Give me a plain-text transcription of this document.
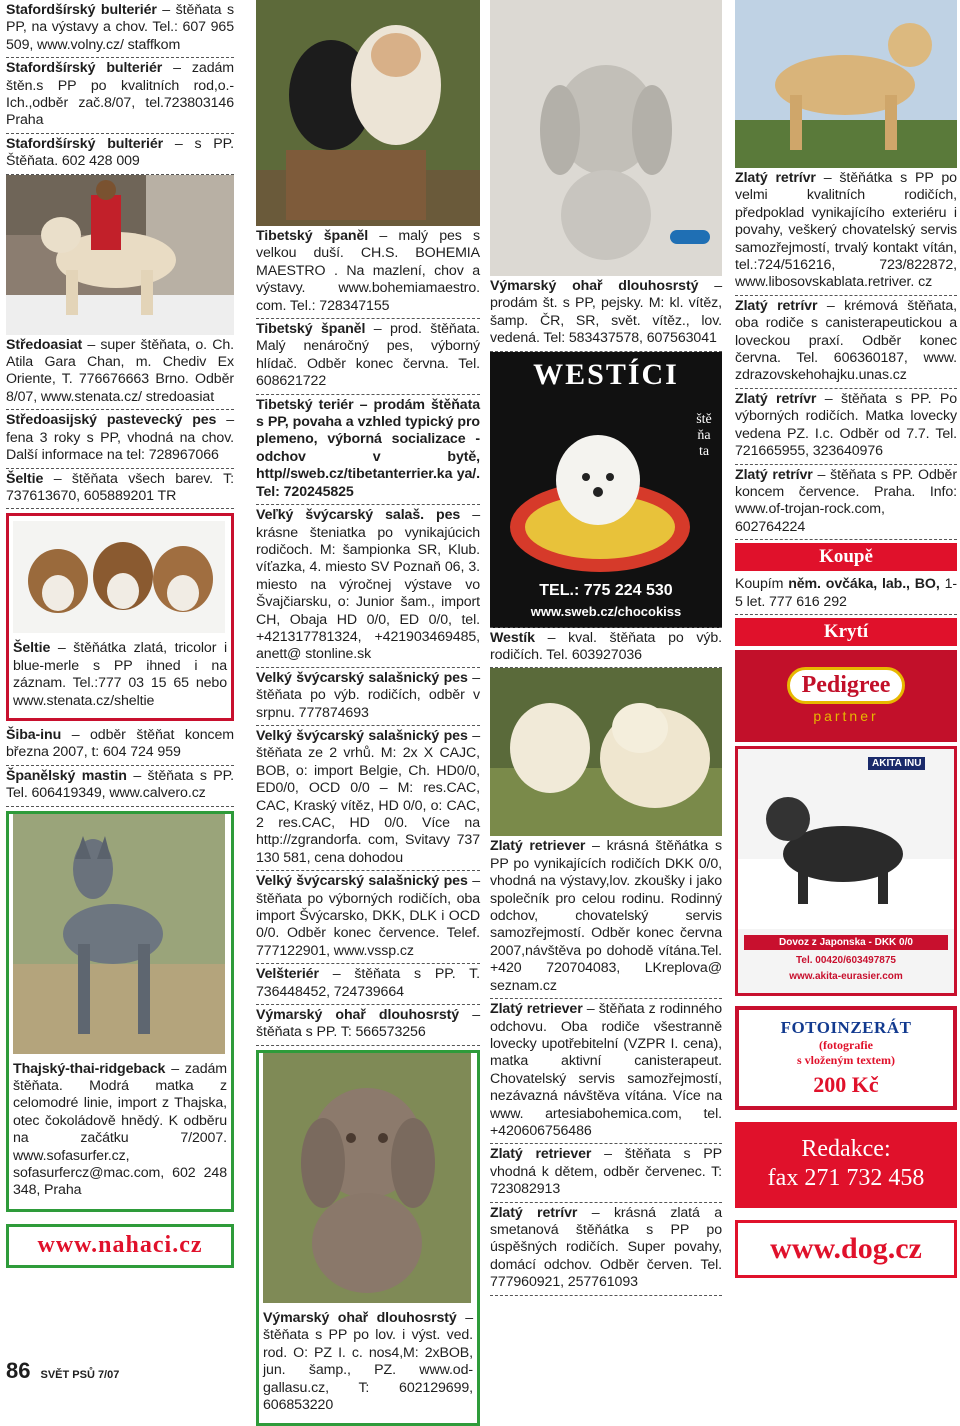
Stafordšírský bulteriér – štěňata s PP, na výstavy a chov. Tel.: 607 965 509, www.volny.cz/ staffkom
Stafordšírský bulteriér – zadám štěn.s PP po kvalitních rod,o.-Ich.,odběr zač.8/07, tel.723803146 Praha
Stafordšírský bulteriér – s PP. Štěňata. 602 428 009
Středoasiat – super štěňata, o. Ch. Atila Gara Chan, m. Chediv Ex Oriente, T. 776676663 Brno. Odběr 8/07, www.stenata.cz/ stredoasiat
Středoasijský pastevecký pes – fena 3 roky s PP, vhodná na chov. Další informace na tel: 728967066
Šeltie – štěňata všech barev. T: 737613670, 605889201 TR
Šeltie – štěňátka zlatá, tricolor i blue-merle s PP ihned i na záznam. Tel.:777 03 15 65 nebo www.stenata.cz/sheltie
Šiba-inu – odběr štěňat koncem března 2007, t: 604 724 959
Španělský mastin – štěňata s PP. Tel. 606419349, www.calvero.cz
Thajský-thai-ridgeback – zadám štěňata. Modrá matka z celomodré linie, import z Thajska, otec čokoládově hnědý. K odběru na začátku 7/2007. www.sofasurfer.cz, sofasurfercz@mac.com, 602 248 348, Praha
www.nahaci.cz
86 SVĚT PSŮ 7/07
Tibetský španěl – malý pes s velkou duší. CH.S. BOHEMIA MAESTRO . Na mazlení, chov a výstavy. www.bohemiamaestro. com. Tel.: 728347155
Tibetský španěl – prod. štěňata. Malý nenáročný pes, výborný hlídač. Odběr konec června. Tel. 608621722
Tibetský teriér – prodám štěňata s PP, povaha a vzhled typický pro plemeno, výborná socializace - odchov v bytě, http//sweb.cz/tibetanterrier.ka ya/. Tel: 720245825
Veľký švýcarský salaš. pes – krásne šteniatka po vynikajúcich rodičoch. M: šampionka SR, Klub. víťazka, 4. miesto SV Poznaň 06, 3. miesto na výročnej výstave vo Švajčiarsku, o: Junior šam., import CH, Obaja HD 0/0, ED 0/0, tel. +421317781324, +421903469485, anett@ stonline.sk
Velký švýcarský salašnický pes – štěňata po výb. rodičích, odběr v srpnu. 777874693
Velký švýcarský salašnický pes – štěňata ze 2 vrhů. M: 2x X CAJC, BOB, o: import Belgie, Ch. HD0/0, ED0/0, OCD 0/0 – M: res.CAC, CAC, Kraský vítěz, HD 0/0, o: CAC, 2 res.CAC, HD 0/0. Více na http://zgrandorfa. com, Svitavy 737 130 581, cena dohodou
Velký švýcarský salašnický pes – štěňata po výborných rodičích, oba import Švýcarsko, DKK, DLK i OCD 0/0. Odběr konec července. Telef. 777122901, www.vssp.cz
Velšteriér – štěňata s PP. T. 736448452, 724739664
Výmarský ohař dlouhosrstý – štěňata s PP. T: 566573256
Výmarský ohař dlouhosrstý – štěňata s PP po lov. i výst. ved. rod. O: PZ I. c. nos4,M: 2xBOB, jun. šamp., PZ. www.od-gallasu.cz, T: 602129699, 606853220
Výmarský ohař dlouhosrstý – prodám št. s PP, pejsky. M: kl. vítěz, šamp. ČR, SR, svět. vítěz., lov. vedená. Tel: 583437578, 607563041
WESTÍCI
štěňata
TEL.: 775 224 530
www.sweb.cz/chocokiss
Westík – kval. štěňata po výb. rodičích. Tel. 603927036
Zlatý retriever – krásná štěňátka s PP po vynikajících rodičích DKK 0/0, vhodná na výstavy,lov. zkoušky i jako společník pro celou rodinu. Rodinný odchov, chovatelský servis samozřejmostí. Odběr konec června 2007,návštěva po dohodě vítána.Tel. +420 720704083, LKreplova@ seznam.cz
Zlatý retriever – štěňata z rodinného odchovu. Oba rodiče všestranně lovecky upotřebitelní (VZPR I. cena), matka aktivní canisterapeut. Chovatelský servis samozřejmostí, nezávazná návštěva vítána. Více na www. artesiabohemica.com, tel. +420606756486
Zlatý retriever – štěňata s PP vhodná k dětem, odběr červenec. T: 723082913
Zlatý retrívr – krásná zlatá a smetanová štěňátka s PP po úspěšných rodičích. Super povahy, domácí odchov. Odběr červen. Tel. 777960921, 257761093
Zlatý retrívr – štěňátka s PP po velmi kvalitních rodičích, předpoklad vynikajícího exteriéru i povahy, veškerý chovatelský servis samozřejmostí, trvalý kontakt vítán, tel.:724/516216, 723/822872, www.libosovskablata.retriver. cz
Zlatý retrívr – krémová štěňata, oba rodiče s canisterapeutickou a loveckou praxí. Odběr konec června. Tel. 606360187, www. zdrazovskehohajku.unas.cz
Zlatý retrívr – štěňata s PP. Po výborných rodičích. Matka lovecky vedena PZ. I.c. Odběr od 7.7. Tel. 721665955, 323640976
Zlatý retrívr – štěňata s PP. Odběr koncem července. Praha. Info: www.of-trojan-rock.com, 602764224
Koupě
Koupím něm. ovčáka, lab., BO, 1-5 let. 777 616 292
Krytí
Pedigree
partner
AKITA INU
Dovoz z Japonska - DKK 0/0
Tel. 00420/603497875
www.akita-eurasier.com
FOTOINZERÁT
(fotografie
s vloženým textem)
200 Kč
Redakce:
fax 271 732 458
www.dog.cz
